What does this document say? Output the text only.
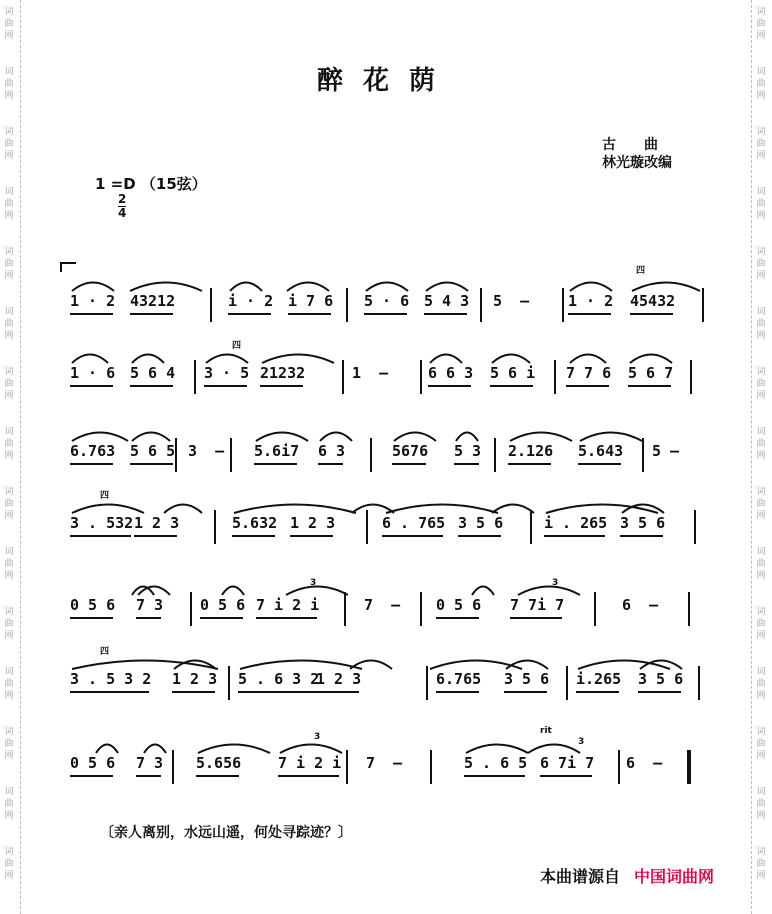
词
曲
网
词
曲
网
词
曲
网
词
曲
网
词
曲
网
词
曲
网
词
曲
网
词
曲
网
词
曲
网
词
曲
网
词
曲
网
词
曲
网
词
曲
网
词
曲
网
词
曲
网
词
曲
网
词
曲
网
词
曲
网
词
曲
网
词
曲
网
词
曲
网
词
曲
网
词
曲
网
词
曲
网
词
曲
网
词
曲
网
词
曲
网
词
曲
网
词
曲
网
词
曲
网
醉花荫
古　　曲
林光璇改编
1 =D （15弦）
$\frac{2}{4}$
1 · 2 43212	i · 2 i 7 6 5 · 6 5 4 3 5  –	1 · 2 45432
1 · 6 5 6 4 3 · 5 21232	1  –	6 6 3 5 6 i 7 7 6 5 6 7
6.763 5 6 5 3  – 5.6i7 6 3	5676 5 3 2.126 5.643 5 –
3 . 532 1 2 3	5.632 1 2 3	6 . 765 3 5 6	i . 265 3 5 6
0 5 6 7 3 0 5 6 7 i 2 i	7  – 0 5 6 7 7i 7	6  –
3 . 5 3 2 1 2 3 5 . 6 3 2
1 2 3	6.765 3 5 6 i.265 3 5 6
0 5 6 7 3 5.656 7 i 2 i 7  –	5 . 6 5 6 7i 7 6  –
〔亲人离别，水远山遥，何处寻踪迹？〕
本曲谱源自 中国词曲网
四
四
四
四
3	3
3	3
rit
